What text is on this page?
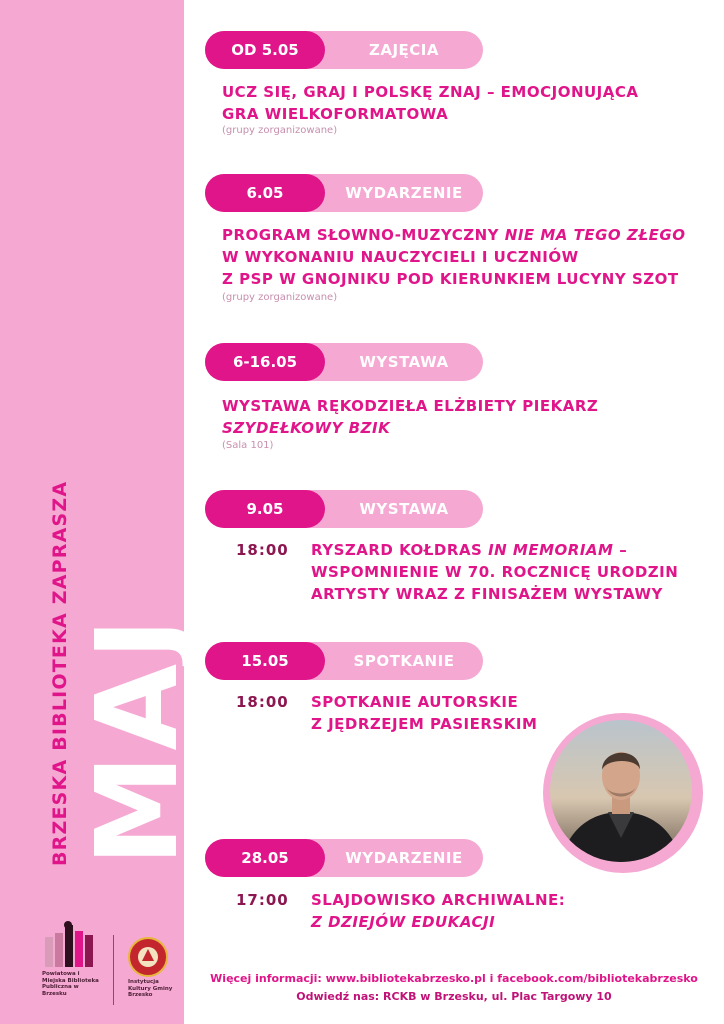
BRZESKA BIBLIOTEKA ZAPRASZA MAJ
Powiatowa i Miejska Biblioteka Publiczna w Brzesku
Instytucja Kultury Gminy Brzesko
OD 5.05	ZAJĘCIA
UCZ SIĘ, GRAJ I POLSKĘ ZNAJ – EMOCJONUJĄCA
GRA WIELKOFORMATOWA
(grupy zorganizowane)
6.05	WYDARZENIE
PROGRAM SŁOWNO-MUZYCZNY NIE MA TEGO ZŁEGO
W WYKONANIU NAUCZYCIELI I UCZNIÓW
Z PSP W GNOJNIKU POD KIERUNKIEM LUCYNY SZOT
(grupy zorganizowane)
6-16.05	WYSTAWA
WYSTAWA RĘKODZIEŁA ELŻBIETY PIEKARZ
SZYDEŁKOWY BZIK
(Sala 101)
9.05	WYSTAWA
18:00 RYSZARD KOŁDRAS IN MEMORIAM –
WSPOMNIENIE W 70. ROCZNICĘ URODZIN
ARTYSTY WRAZ Z FINISAŻEM WYSTAWY
15.05	SPOTKANIE
18:00 SPOTKANIE AUTORSKIE
Z JĘDRZEJEM PASIERSKIM
28.05	WYDARZENIE
17:00 SLAJDOWISKO ARCHIWALNE:
Z DZIEJÓW EDUKACJI
Więcej informacji: www.bibliotekabrzesko.pl i facebook.com/bibliotekabrzesko
Odwiedź nas: RCKB w Brzesku, ul. Plac Targowy 10
